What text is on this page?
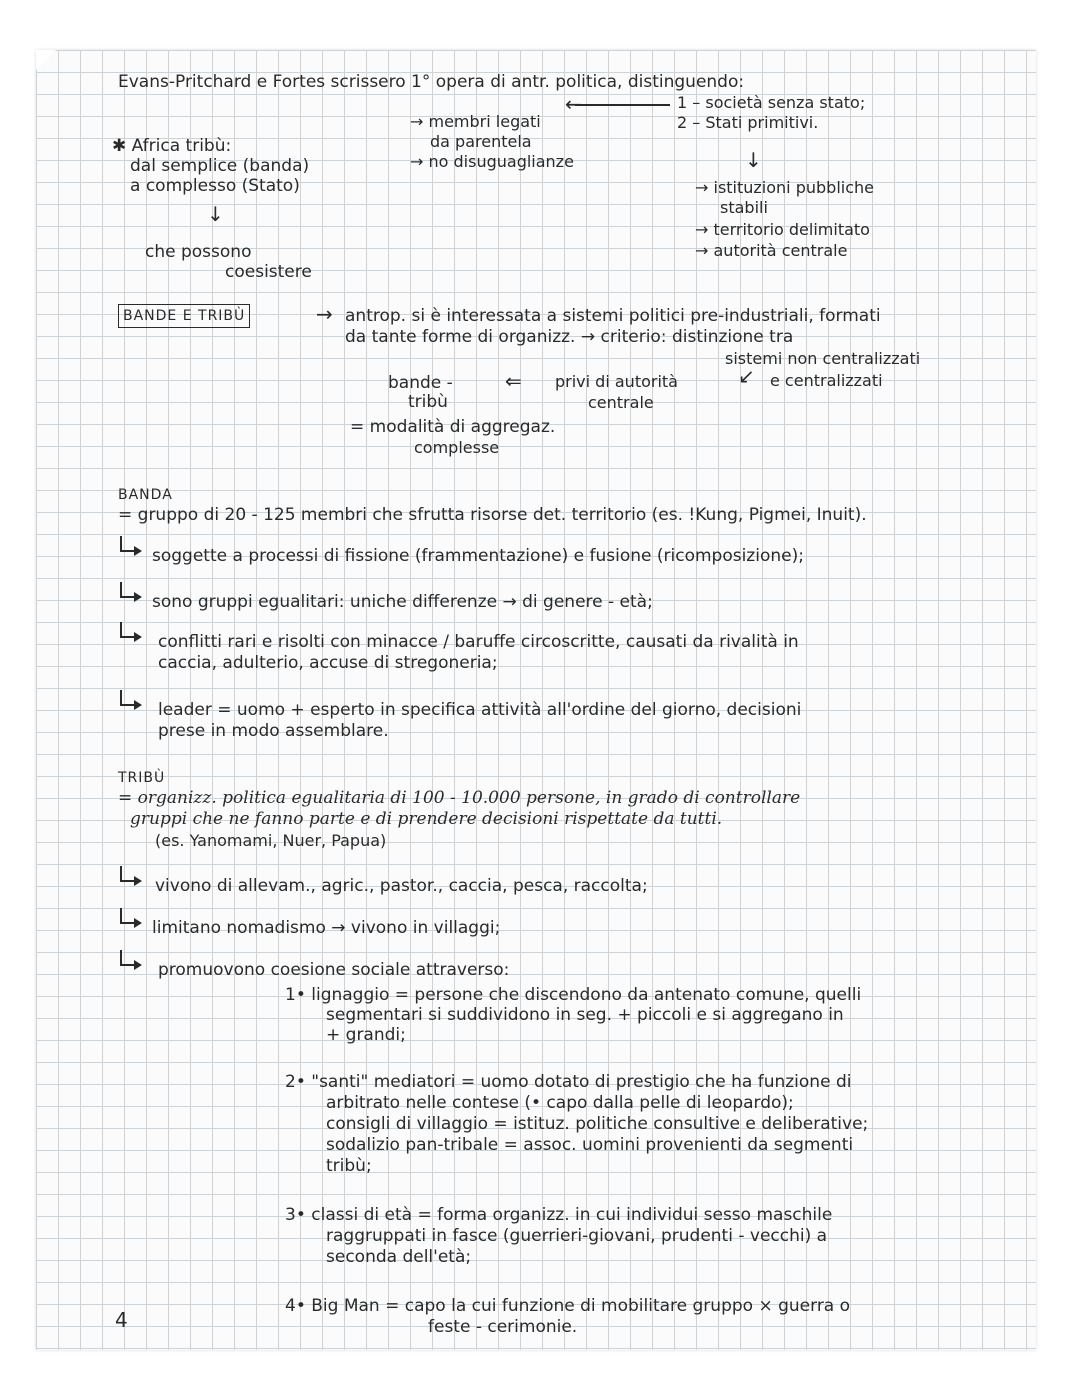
Evans-Pritchard e Fortes scrissero 1° opera di antr. politica, distinguendo:
1 – società senza stato;
2 – Stati primitivi.
←
→ membri legati
da parentela
→ no disuguaglianze
✱ Africa tribù:
dal semplice (banda)
a complesso (Stato)
↓
che possono
coesistere
↓
→ istituzioni pubbliche
stabili
→ territorio delimitato
→ autorità centrale
BANDE E TRIBÙ	→ antrop. si è interessata a sistemi politici pre-industriali, formati
da tante forme di organizz. → criterio: distinzione tra
sistemi non centralizzati
e centralizzati
bande -
tribù
⇐ privi di autorità
centrale
↙
= modalità di aggregaz.
complesse
BANDA
= gruppo di 20 - 125 membri che sfrutta risorse det. territorio (es. !Kung, Pigmei, Inuit).
soggette a processi di fissione (frammentazione) e fusione (ricomposizione);
sono gruppi egualitari: uniche differenze → di genere - età;
conflitti rari e risolti con minacce / baruffe circoscritte, causati da rivalità in
caccia, adulterio, accuse di stregoneria;
leader = uomo + esperto in specifica attività all'ordine del giorno, decisioni
prese in modo assemblare.
TRIBÙ
= organizz. politica egualitaria di 100 - 10.000 persone, in grado di controllare
gruppi che ne fanno parte e di prendere decisioni rispettate da tutti.
(es. Yanomami, Nuer, Papua)
vivono di allevam., agric., pastor., caccia, pesca, raccolta;
limitano nomadismo → vivono in villaggi;
promuovono coesione sociale attraverso:
1• lignaggio = persone che discendono da antenato comune, quelli
segmentari si suddividono in seg. + piccoli e si aggregano in
+ grandi;
2• "santi" mediatori = uomo dotato di prestigio che ha funzione di
arbitrato nelle contese (• capo dalla pelle di leopardo);
consigli di villaggio = istituz. politiche consultive e deliberative;
sodalizio pan-tribale = assoc. uomini provenienti da segmenti
tribù;
3• classi di età = forma organizz. in cui individui sesso maschile
raggruppati in fasce (guerrieri-giovani, prudenti - vecchi) a
seconda dell'età;
4• Big Man = capo la cui funzione di mobilitare gruppo × guerra o
feste - cerimonie.
4
